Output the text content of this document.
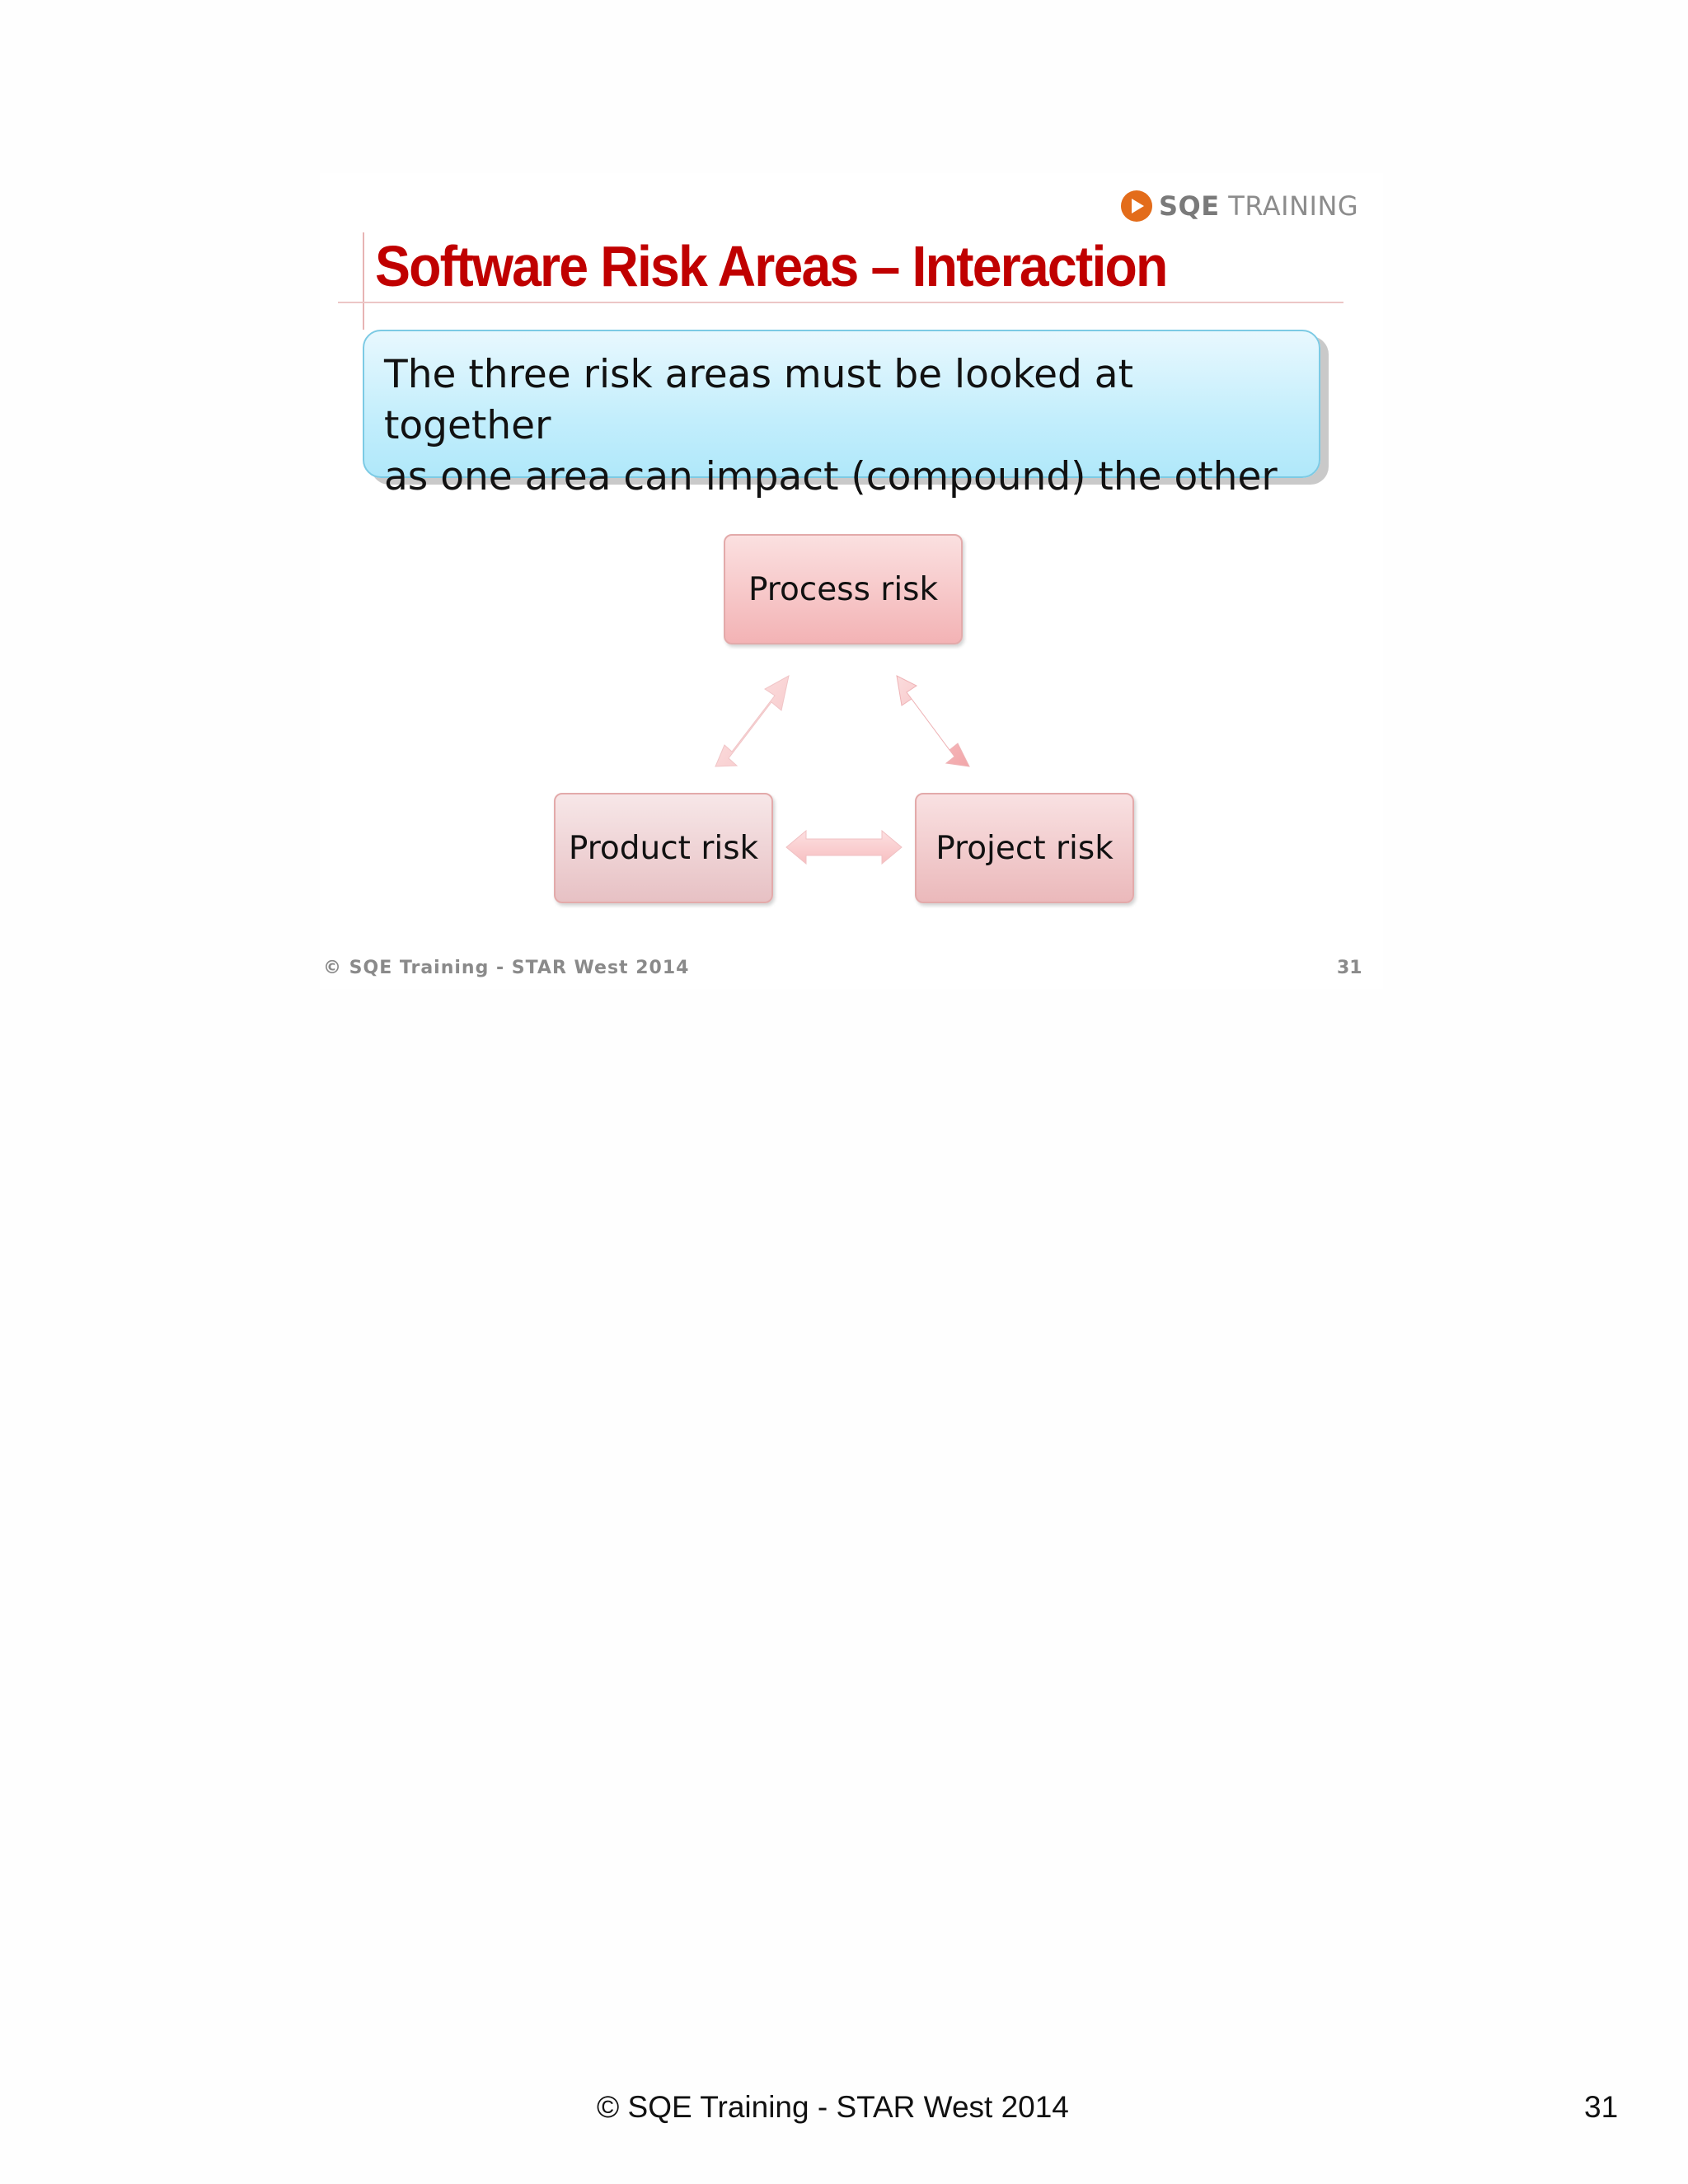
SQE TRAINING
Software Risk Areas – Interaction
The three risk areas must be looked at together
as one area can impact (compound) the other
Process risk
Product risk	Project risk
© SQE Training - STAR West 2014	31
© SQE Training - STAR West 2014	31
